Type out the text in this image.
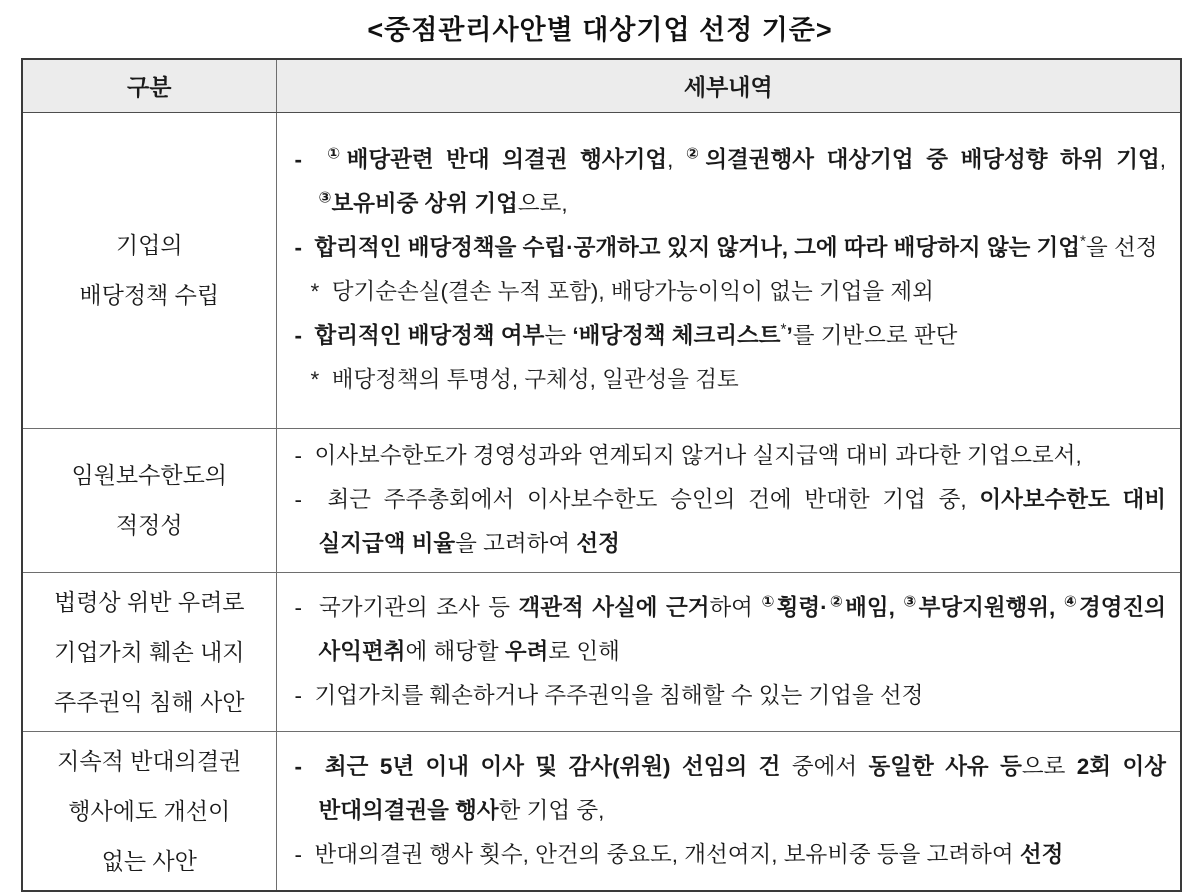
<중점관리사안별 대상기업 선정 기준>
구분	세부내역
기업의
배당정책 수립	
-  ①배당관련 반대 의결권 행사기업, ②의결권행사 대상기업 중 배당성향 하위 기업, ③보유비중 상위 기업으로,
-  합리적인 배당정책을 수립·공개하고 있지 않거나, 그에 따라 배당하지 않는 기업*을 선정
*  당기순손실(결손 누적 포함), 배당가능이익이 없는 기업을 제외
-  합리적인 배당정책 여부는 ‘배당정책 체크리스트*’를 기반으로 판단
*  배당정책의 투명성, 구체성, 일관성을 검토

임원보수한도의
적정성	
-  이사보수한도가 경영성과와 연계되지 않거나 실지급액 대비 과다한 기업으로서,
-  최근 주주총회에서 이사보수한도 승인의 건에 반대한 기업 중, 이사보수한도 대비 실지급액 비율을 고려하여 선정

법령상 위반 우려로
기업가치 훼손 내지
주주권익 침해 사안	
-  국가기관의 조사 등 객관적 사실에 근거하여 ①횡령·②배임, ③부당지원행위, ④경영진의 사익편취에 해당할 우려로 인해
-  기업가치를 훼손하거나 주주권익을 침해할 수 있는 기업을 선정

지속적 반대의결권
행사에도 개선이
없는 사안	
-  최근 5년 이내 이사 및 감사(위원) 선임의 건 중에서 동일한 사유 등으로 2회 이상 반대의결권을 행사한 기업 중,
-  반대의결권 행사 횟수, 안건의 중요도, 개선여지, 보유비중 등을 고려하여 선정
